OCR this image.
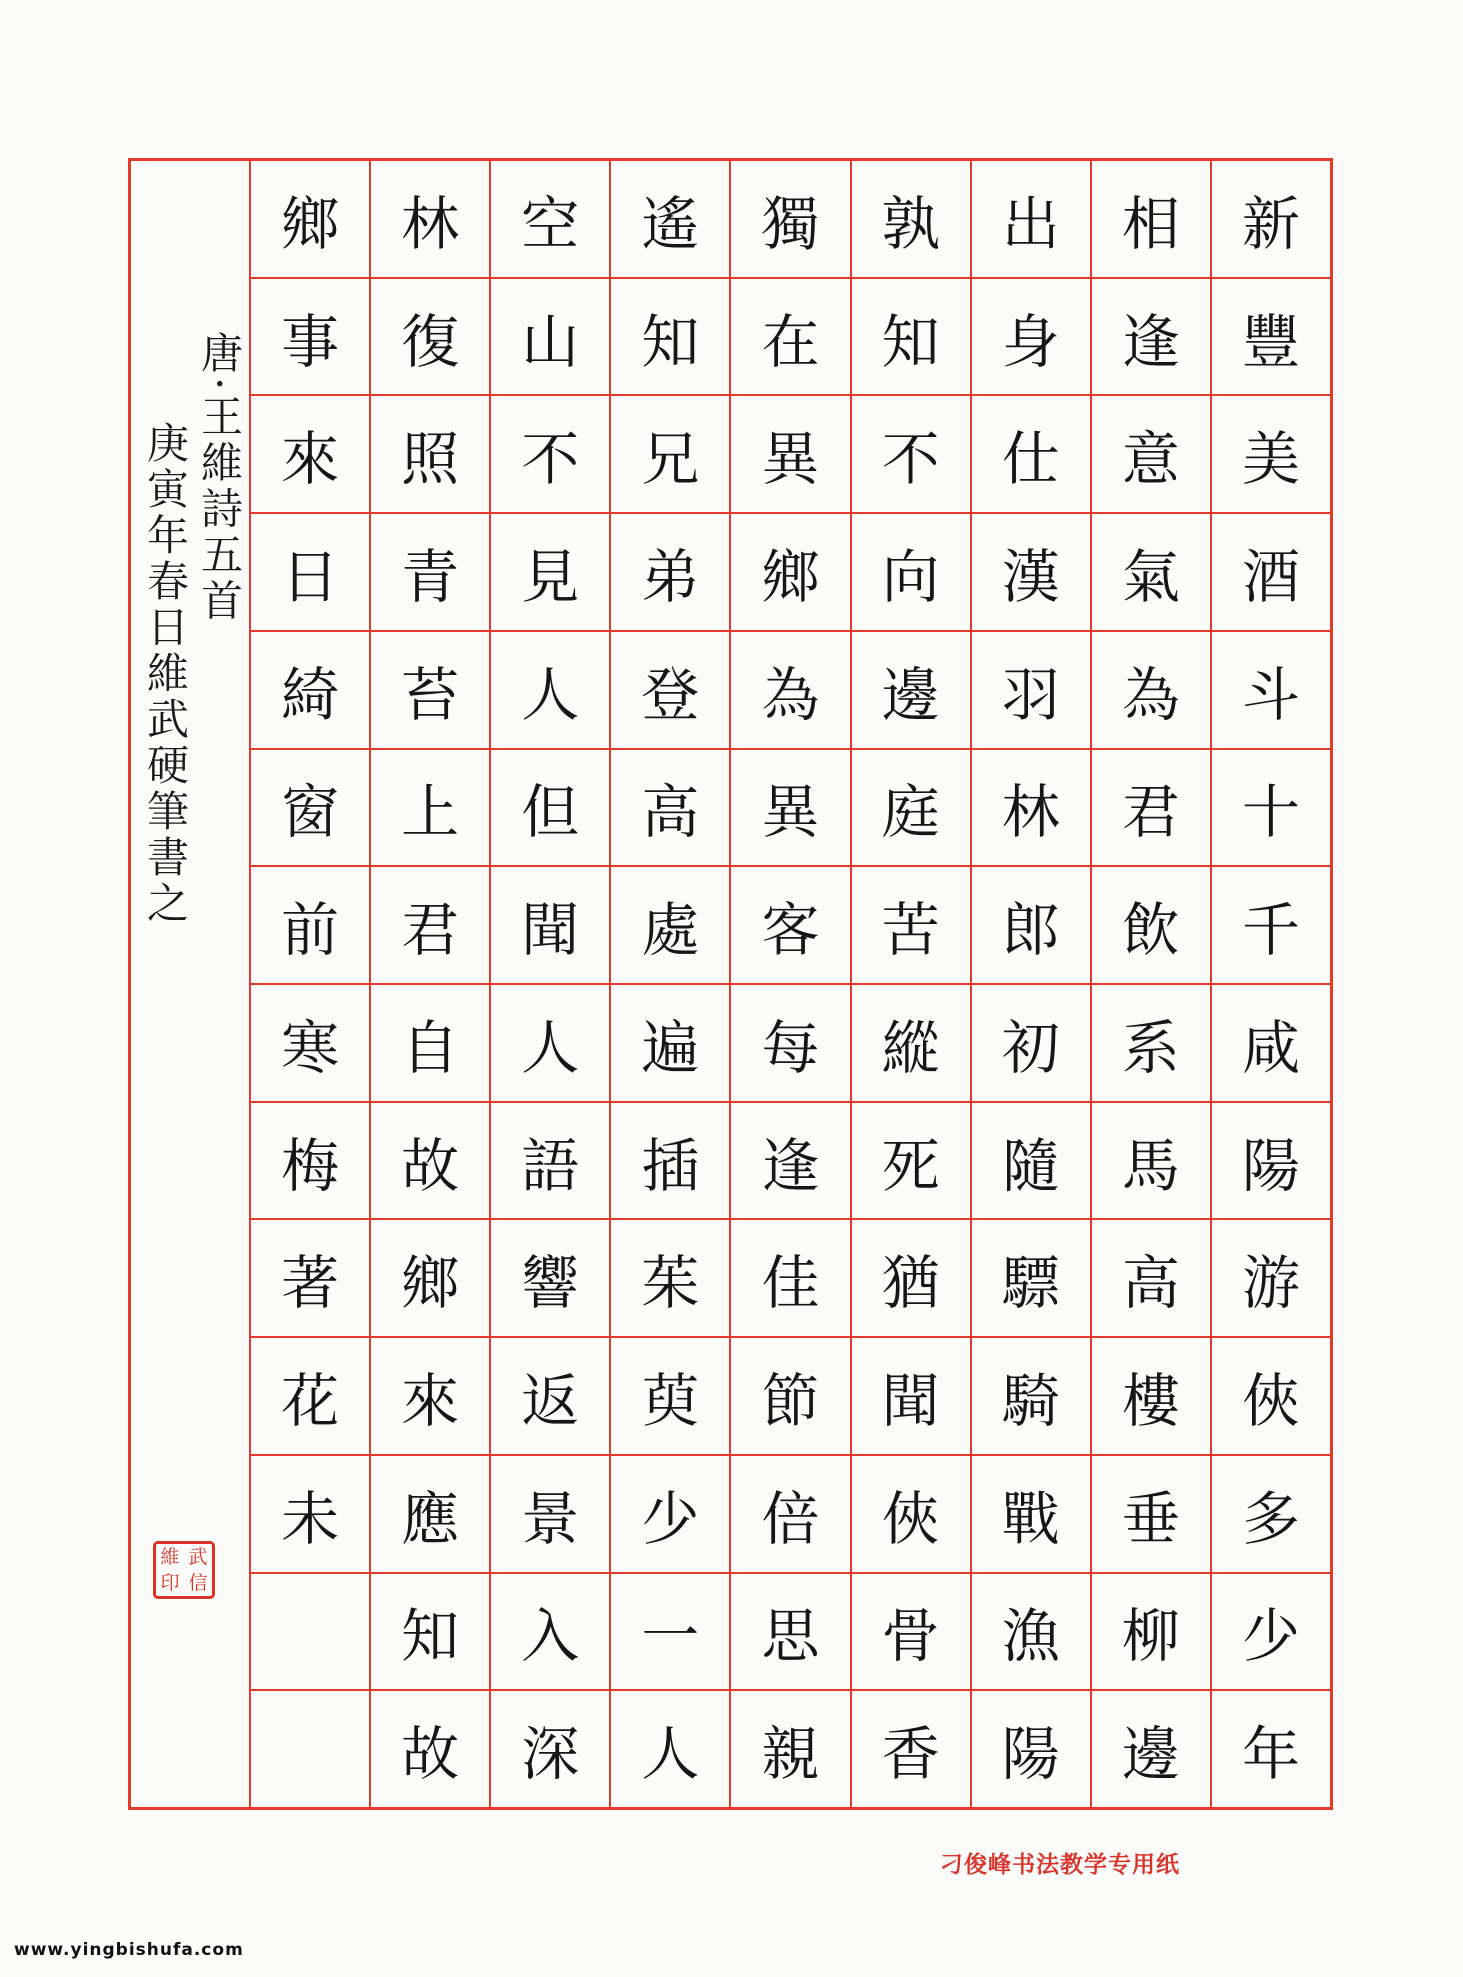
唐·王維詩五首
庚寅年春日維武硬筆書之
維 武
印 信
新
豐
美
酒
斗
十
千
咸
陽
游
俠
多
少
年
相
逢
意
氣
為
君
飲
系
馬
高
樓
垂
柳
邊
出
身
仕
漢
羽
林
郎
初
隨
驃
騎
戰
漁
陽
孰
知
不
向
邊
庭
苦
縱
死
猶
聞
俠
骨
香
獨
在
異
鄉
為
異
客
每
逢
佳
節
倍
思
親
遙
知
兄
弟
登
高
處
遍
插
茱
萸
少
一
人
空
山
不
見
人
但
聞
人
語
響
返
景
入
深
林
復
照
青
苔
上
君
自
故
鄉
來
應
知
故
鄉
事
來
日
綺
窗
前
寒
梅
著
花
未
刁俊峰书法教学专用纸
www.yingbishufa.com
